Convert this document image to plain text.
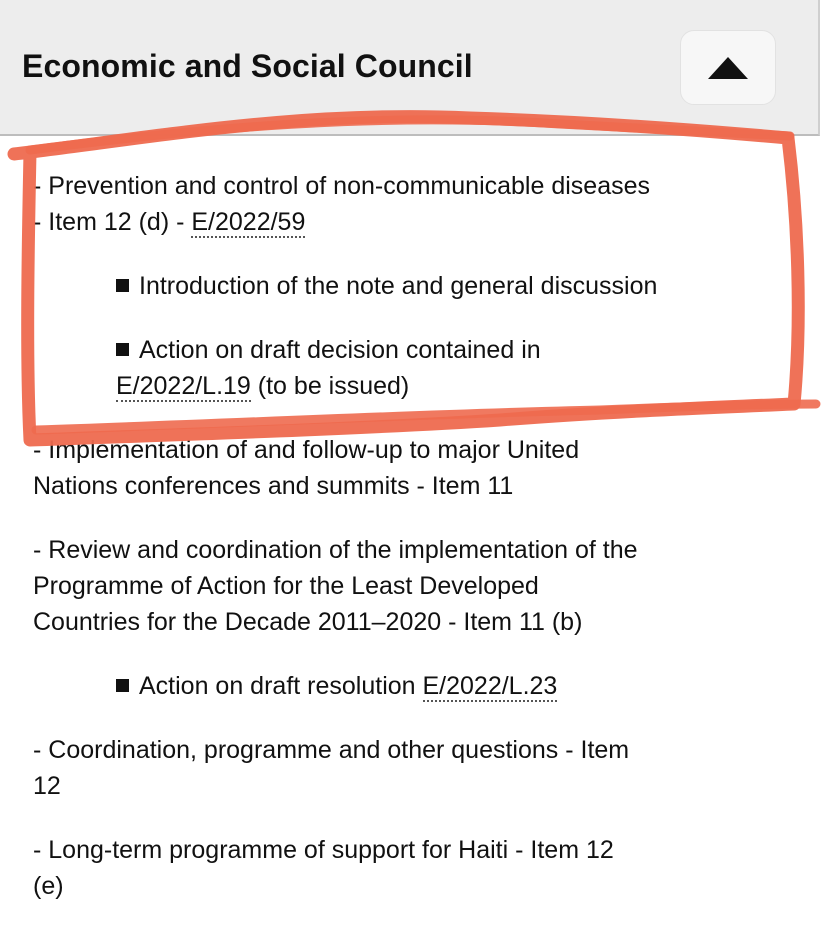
Economic and Social Council
- Prevention and control of non-communicable diseases
- Item 12 (d) - E/2022/59
Introduction of the note and general discussion
Action on draft decision contained in
E/2022/L.19 (to be issued)
- Implementation of and follow-up to major United
Nations conferences and summits - Item 11
- Review and coordination of the implementation of the
Programme of Action for the Least Developed
Countries for the Decade 2011–2020 - Item 11 (b)
Action on draft resolution E/2022/L.23
- Coordination, programme and other questions - Item
12
- Long-term programme of support for Haiti - Item 12
(e)
